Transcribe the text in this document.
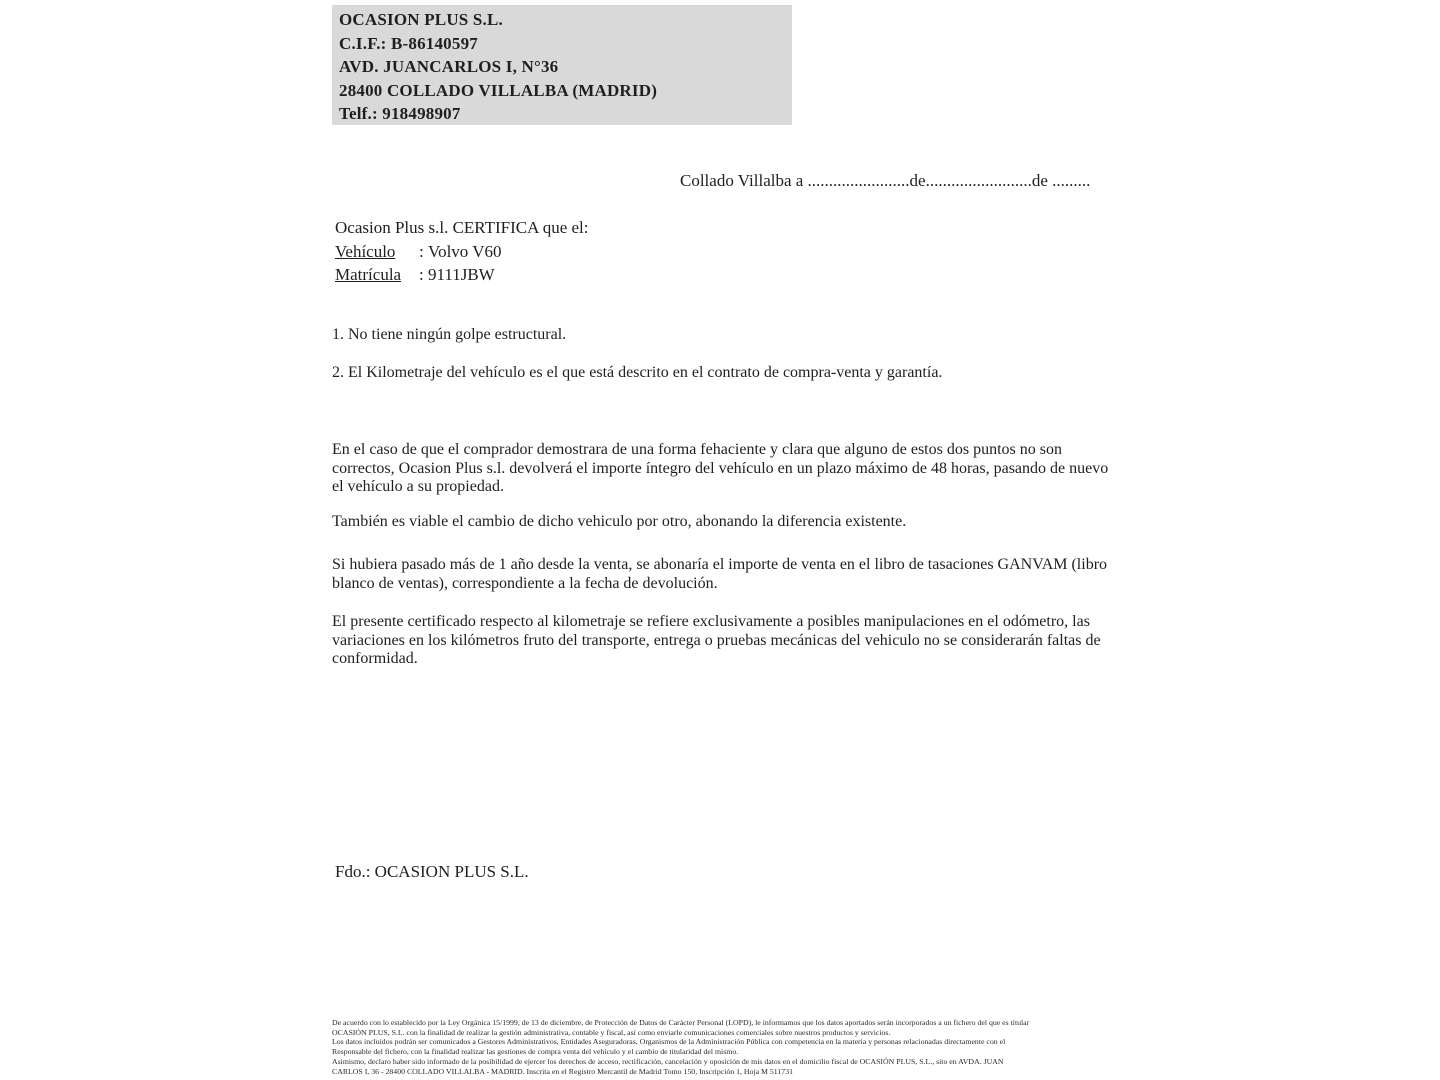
OCASION PLUS S.L.
C.I.F.: B-86140597
AVD. JUANCARLOS I, N°36
28400 COLLADO VILLALBA (MADRID)
Telf.: 918498907
Collado Villalba a ........................de.........................de .........
Ocasion Plus s.l. CERTIFICA que el:
Vehículo : Volvo V60
Matrícula : 9111JBW
1. No tiene ningún golpe estructural.
2. El Kilometraje del vehículo es el que está descrito en el contrato de compra-venta y garantía.
En el caso de que el comprador demostrara de una forma fehaciente y clara que alguno de estos dos puntos no son correctos, Ocasion Plus s.l. devolverá el importe íntegro del vehículo en un plazo máximo de 48 horas, pasando de nuevo el vehículo a su propiedad.
También es viable el cambio de dicho vehiculo por otro, abonando la diferencia existente.
Si hubiera pasado más de 1 año desde la venta, se abonaría el importe de venta en el libro de tasaciones GANVAM (libro blanco de ventas), correspondiente a la fecha de devolución.
El presente certificado respecto al kilometraje se refiere exclusivamente a posibles manipulaciones en el odómetro, las variaciones en los kilómetros fruto del transporte, entrega o pruebas mecánicas del vehiculo no se considerarán faltas de conformidad.
Fdo.: OCASION PLUS S.L.
De acuerdo con lo establecido por la Ley Orgánica 15/1999, de 13 de diciembre, de Protección de Datos de Carácter Personal (LOPD), le informamos que los datos aportados serán incorporados a un fichero del que es titular
OCASIÓN PLUS, S.L. con la finalidad de realizar la gestión administrativa, contable y fiscal, así como enviarle comunicaciones comerciales sobre nuestros productos y servicios.
Los datos incluidos podrán ser comunicados a Gestores Administrativos, Entidades Aseguradoras, Organismos de la Administración Pública con competencia en la materia y personas relacionadas directamente con el
Responsable del fichero, con la finalidad realizar las gestiones de compra venta del vehículo y el cambio de titularidad del mismo.
Asimismo, declaro haber sido informado de la posibilidad de ejercer los derechos de acceso, rectificación, cancelación y oposición de mis datos en el domicilio fiscal de OCASIÓN PLUS, S.L., sito en AVDA. JUAN
CARLOS I, 36 - 28400 COLLADO VILLALBA - MADRID. Inscrita en el Registro Mercantil de Madrid Tomo 150, Inscripción 1, Hoja M 511731
